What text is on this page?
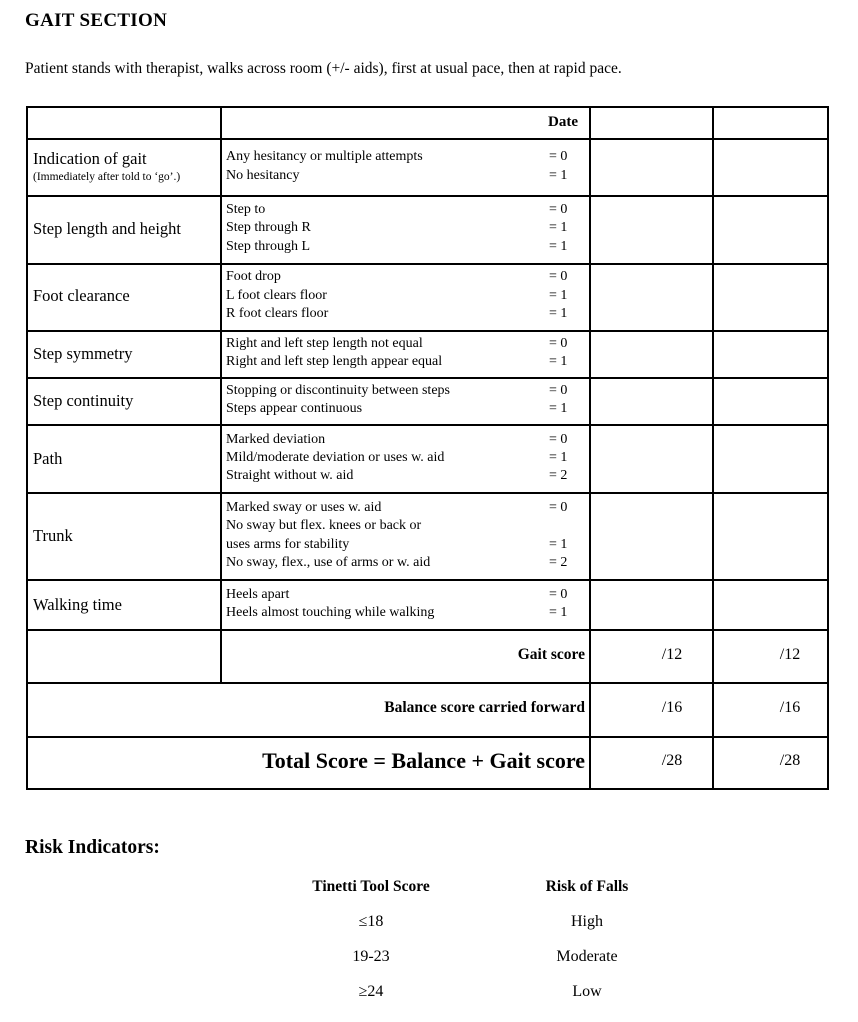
GAIT SECTION
Patient stands with therapist, walks across room (+/- aids), first at usual pace, then at rapid pace.
Date
Indication of gait
(Immediately after told to ‘go’.)
Any hesitancy or multiple attempts	= 0
No hesitancy	= 1
Step length and height
Step to	= 0
Step through R	= 1
Step through L	= 1
Foot clearance
Foot drop	= 0
L foot clears floor	= 1
R foot clears floor	= 1
Step symmetry
Right and left step length not equal	= 0
Right and left step length appear equal	= 1
Step continuity
Stopping or discontinuity between steps	= 0
Steps appear continuous	= 1
Path
Marked deviation	= 0
Mild/moderate deviation or uses w. aid	= 1
Straight without w. aid	= 2
Trunk
Marked sway or uses w. aid	= 0
No sway but flex. knees or back or
uses arms for stability	= 1
No sway, flex., use of arms or w. aid	= 2
Walking time
Heels apart	= 0
Heels almost touching while walking	= 1
Gait score	/12	/12
Balance score carried forward	/16	/16
Total Score = Balance + Gait score	/28	/28
Risk Indicators:
Tinetti Tool Score	Risk of Falls
≤18	High
19-23	Moderate
≥24	Low
